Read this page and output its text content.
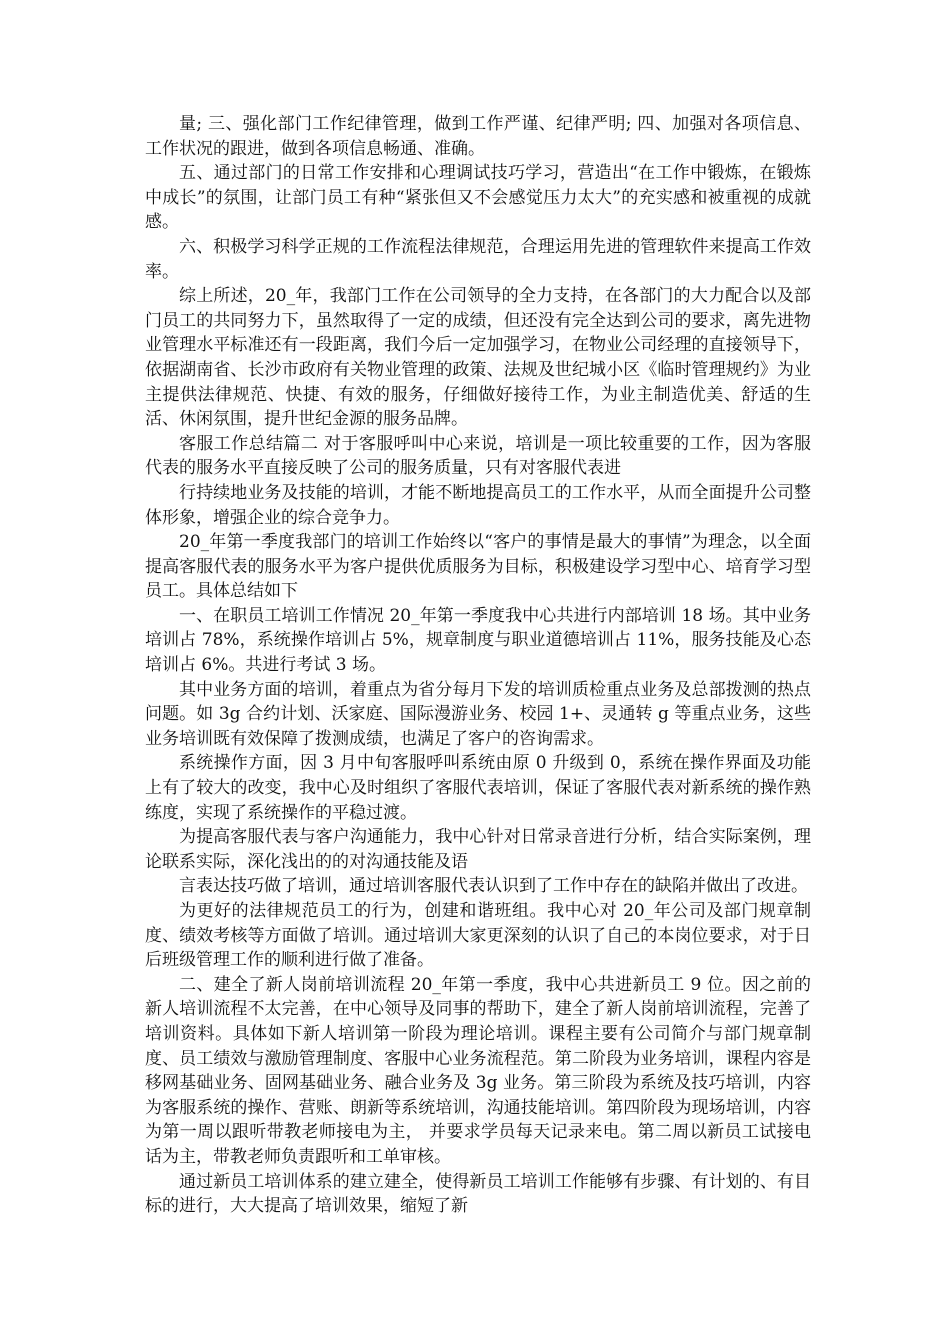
量; 三、强化部门工作纪律管理，做到工作严谨、纪律严明; 四、加强对各项信息、工作状况的跟进，做到各项信息畅通、准确。

五、通过部门的日常工作安排和心理调试技巧学习，营造出“在工作中锻炼，在锻炼中成长”的氛围，让部门员工有种“紧张但又不会感觉压力太大”的充实感和被重视的成就感。

六、积极学习科学正规的工作流程法律规范，合理运用先进的管理软件来提高工作效率。

综上所述，20_年，我部门工作在公司领导的全力支持，在各部门的大力配合以及部门员工的共同努力下，虽然取得了一定的成绩，但还没有完全达到公司的要求，离先进物业管理水平标准还有一段距离，我们今后一定加强学习，在物业公司经理的直接领导下，依据湖南省、长沙市政府有关物业管理的政策、法规及世纪城小区《临时管理规约》为业主提供法律规范、快捷、有效的服务，仔细做好接待工作，为业主制造优美、舒适的生活、休闲氛围，提升世纪金源的服务品牌。

客服工作总结篇二 对于客服呼叫中心来说，培训是一项比较重要的工作，因为客服代表的服务水平直接反映了公司的服务质量，只有对客服代表进

行持续地业务及技能的培训，才能不断地提高员工的工作水平，从而全面提升公司整体形象，增强企业的综合竞争力。

20_年第一季度我部门的培训工作始终以“客户的事情是最大的事情”为理念，以全面提高客服代表的服务水平为客户提供优质服务为目标，积极建设学习型中心、培育学习型员工。具体总结如下

一、在职员工培训工作情况 20_年第一季度我中心共进行内部培训 18 场。其中业务培训占 78%，系统操作培训占 5%，规章制度与职业道德培训占 11%，服务技能及心态培训占 6%。共进行考试 3 场。

其中业务方面的培训，着重点为省分每月下发的培训质检重点业务及总部拨测的热点问题。如 3g 合约计划、沃家庭、国际漫游业务、校园 1+、灵通转 g 等重点业务，这些业务培训既有效保障了拨测成绩，也满足了客户的咨询需求。

系统操作方面，因 3 月中旬客服呼叫系统由原 0 升级到 0，系统在操作界面及功能上有了较大的改变，我中心及时组织了客服代表培训，保证了客服代表对新系统的操作熟练度，实现了系统操作的平稳过渡。

为提高客服代表与客户沟通能力，我中心针对日常录音进行分析，结合实际案例，理论联系实际，深化浅出的的对沟通技能及语

言表达技巧做了培训，通过培训客服代表认识到了工作中存在的缺陷并做出了改进。

为更好的法律规范员工的行为，创建和谐班组。我中心对 20_年公司及部门规章制度、绩效考核等方面做了培训。通过培训大家更深刻的认识了自己的本岗位要求，对于日后班级管理工作的顺利进行做了准备。

二、建全了新人岗前培训流程 20_年第一季度，我中心共进新员工 9 位。因之前的新人培训流程不太完善，在中心领导及同事的帮助下，建全了新人岗前培训流程，完善了培训资料。具体如下新人培训第一阶段为理论培训。课程主要有公司简介与部门规章制度、员工绩效与激励管理制度、客服中心业务流程范。第二阶段为业务培训，课程内容是移网基础业务、固网基础业务、融合业务及 3g 业务。第三阶段为系统及技巧培训，内容为客服系统的操作、营账、朗新等系统培训，沟通技能培训。第四阶段为现场培训，内容为第一周以跟听带教老师接电为主， 并要求学员每天记录来电。第二周以新员工试接电话为主，带教老师负责跟听和工单审核。

通过新员工培训体系的建立建全，使得新员工培训工作能够有步骤、有计划的、有目标的进行，大大提高了培训效果，缩短了新
